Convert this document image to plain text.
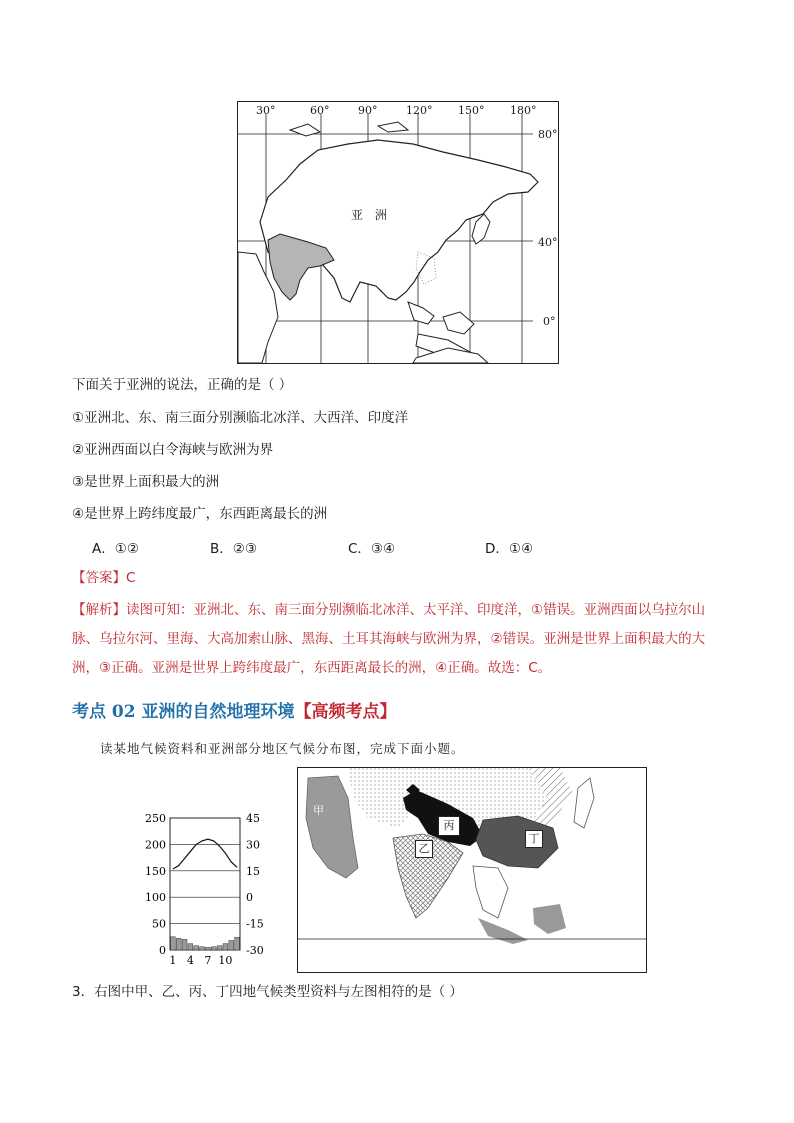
30°	60°	90°	120° 150° 180°
80°
40°
0°
亚 洲
下面关于亚洲的说法，正确的是（ ）
①亚洲北、东、南三面分别濒临北冰洋、大西洋、印度洋
②亚洲西面以白令海峡与欧洲为界
③是世界上面积最大的洲
④是世界上跨纬度最广，东西距离最长的洲
A．①②	B．②③	C．③④	D．①④
【答案】C
【解析】读图可知：亚洲北、东、南三面分别濒临北冰洋、太平洋、印度洋，①错误。亚洲西面以乌拉尔山脉、乌拉尔河、里海、大高加索山脉、黑海、土耳其海峡与欧洲为界，②错误。亚洲是世界上面积最大的大洲，③正确。亚洲是世界上跨纬度最广，东西距离最长的洲，④正确。故选：C。
考点 02 亚洲的自然地理环境【高频考点】
读某地气候资料和亚洲部分地区气候分布图，完成下面小题。
250
200
150
100
50
0
45
30
15
0
-15
-30
1 4 7 10
甲
乙
丙
丁
3．右图中甲、乙、丙、丁四地气候类型资料与左图相符的是（ ）
